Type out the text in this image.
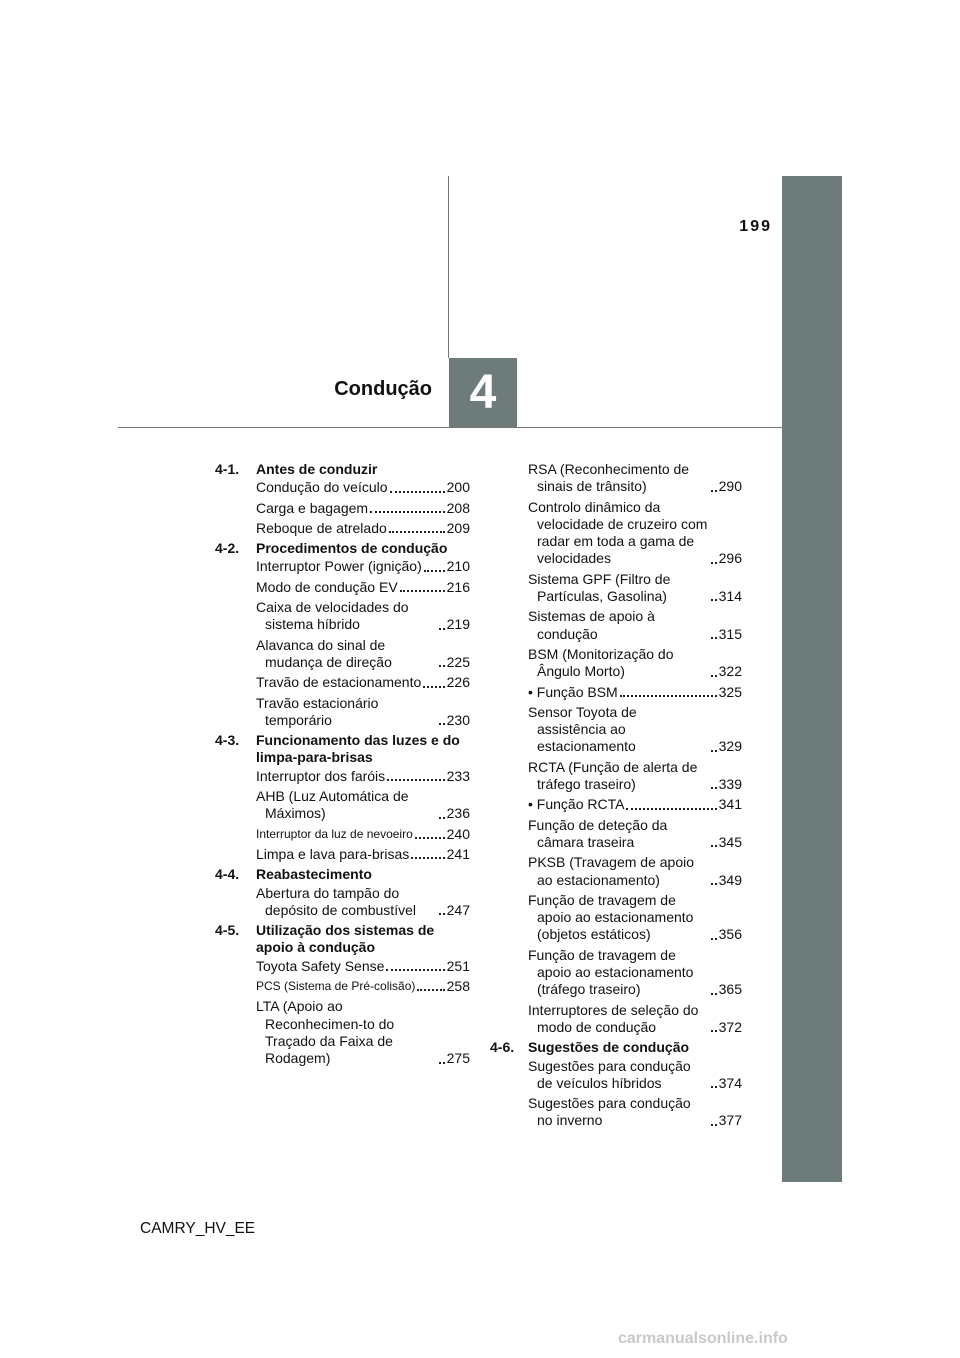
4
Condução
199
4-1. Antes de conduzir
Condução do veículo	200
Carga e bagagem	208
Reboque de atrelado	209
4-2. Procedimentos de condução
Interruptor Power (ignição) 210
Modo de condução EV	216
Caixa de velocidades do sistema híbrido	219
Alavanca do sinal de mudança de direção	225
Travão de estacionamento 226
Travão estacionário temporário	230
4-3. Funcionamento das luzes e do limpa-para-brisas
Interruptor dos faróis	233
AHB (Luz Automática de Máximos)	236
Interruptor da luz de nevoeiro 240
Limpa e lava para-brisas	241
4-4. Reabastecimento
Abertura do tampão do depósito de combustível	247
4-5. Utilização dos sistemas de apoio à condução
Toyota Safety Sense	251
PCS (Sistema de Pré-colisão) 258
LTA (Apoio ao Reconhecimen-to do Traçado da Faixa de Rodagem)	275
RSA (Reconhecimento de sinais de trânsito)	290
Controlo dinâmico da velocidade de cruzeiro com radar em toda a gama de velocidades	296
Sistema GPF (Filtro de Partículas, Gasolina)	314
Sistemas de apoio à condução	315
BSM (Monitorização do Ângulo Morto)	322
• Função BSM	325
Sensor Toyota de assistência ao estacionamento	329
RCTA (Função de alerta de tráfego traseiro)	339
• Função RCTA	341
Função de deteção da câmara traseira	345
PKSB (Travagem de apoio ao estacionamento)	349
Função de travagem de apoio ao estacionamento (objetos estáticos)	356
Função de travagem de apoio ao estacionamento (tráfego traseiro)	365
Interruptores de seleção do modo de condução	372
4-6. Sugestões de condução
Sugestões para condução de veículos híbridos	374
Sugestões para condução no inverno	377
CAMRY_HV_EE
carmanualsonline.info
